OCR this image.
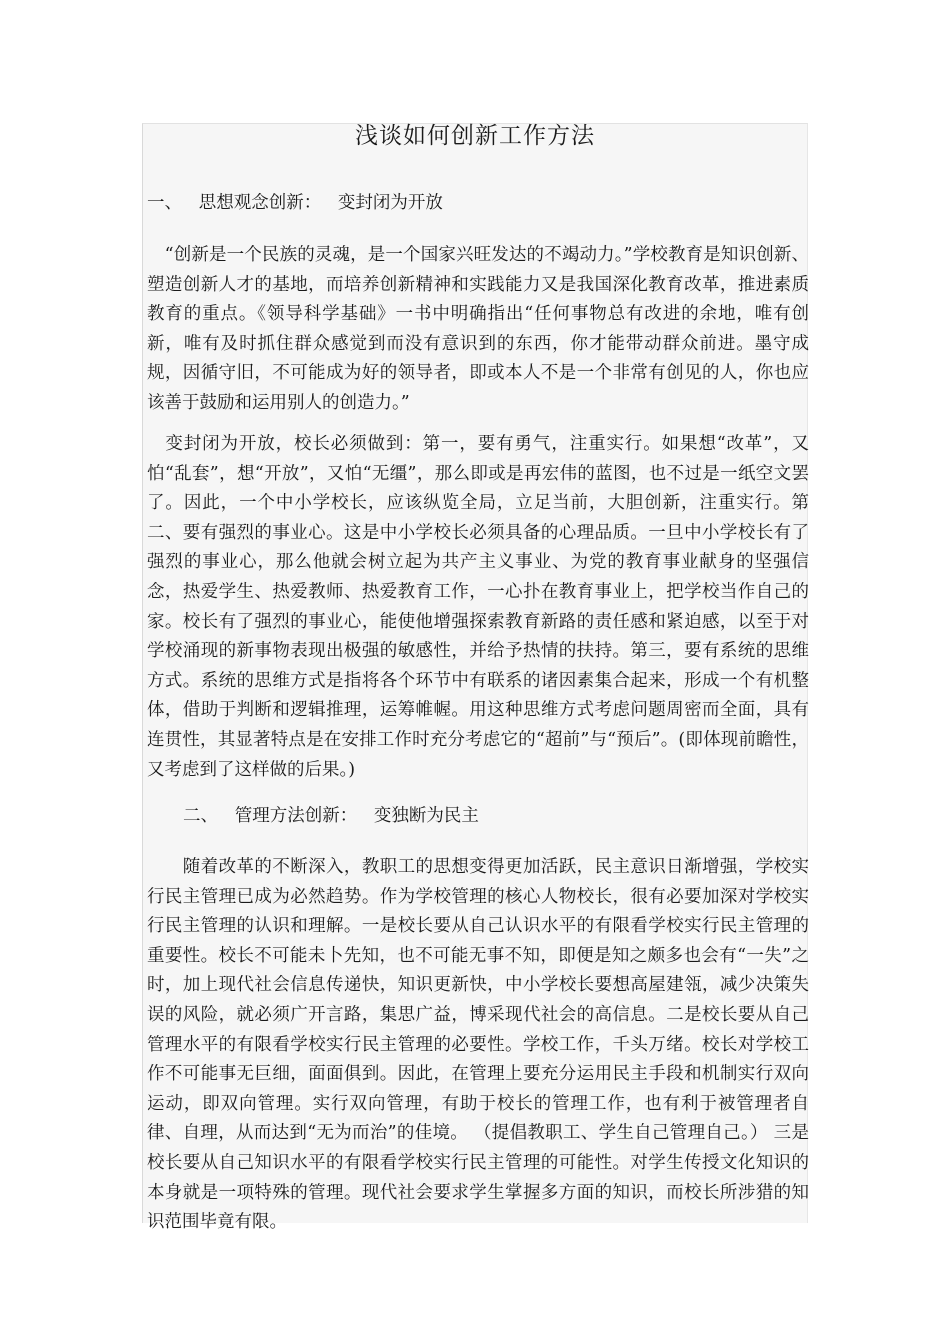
浅谈如何创新工作方法
一、   思想观念创新：   变封闭为开放

　“创新是一个民族的灵魂，是一个国家兴旺发达的不竭动力。”学校教育是知识创新、塑造创新人才的基地，而培养创新精神和实践能力又是我国深化教育改革，推进素质教育的重点。《领导科学基础》一书中明确指出“任何事物总有改进的余地，唯有创新，唯有及时抓住群众感觉到而没有意识到的东西，你才能带动群众前进。墨守成规，因循守旧，不可能成为好的领导者，即或本人不是一个非常有创见的人，你也应该善于鼓励和运用别人的创造力。”

　变封闭为开放，校长必须做到：第一，要有勇气，注重实行。如果想“改革”，又怕“乱套”，想“开放”，又怕“无缰”，那么即或是再宏伟的蓝图，也不过是一纸空文罢了。因此，一个中小学校长，应该纵览全局，立足当前，大胆创新，注重实行。第二、要有强烈的事业心。这是中小学校长必须具备的心理品质。一旦中小学校长有了强烈的事业心，那么他就会树立起为共产主义事业、为党的教育事业献身的坚强信念，热爱学生、热爱教师、热爱教育工作，一心扑在教育事业上，把学校当作自己的家。校长有了强烈的事业心，能使他增强探索教育新路的责任感和紧迫感，以至于对学校涌现的新事物表现出极强的敏感性，并给予热情的扶持。第三，要有系统的思维方式。系统的思维方式是指将各个环节中有联系的诸因素集合起来，形成一个有机整体，借助于判断和逻辑推理，运筹帷幄。用这种思维方式考虑问题周密而全面，具有连贯性，其显著特点是在安排工作时充分考虑它的“超前”与“预后”。(即体现前瞻性，又考虑到了这样做的后果。)

二、   管理方法创新：   变独断为民主

　　随着改革的不断深入，教职工的思想变得更加活跃，民主意识日渐增强，学校实行民主管理已成为必然趋势。作为学校管理的核心人物校长，很有必要加深对学校实行民主管理的认识和理解。一是校长要从自己认识水平的有限看学校实行民主管理的重要性。校长不可能未卜先知，也不可能无事不知，即便是知之颇多也会有“一失”之时，加上现代社会信息传递快，知识更新快，中小学校长要想高屋建瓴，减少决策失误的风险，就必须广开言路，集思广益，博采现代社会的高信息。二是校长要从自己管理水平的有限看学校实行民主管理的必要性。学校工作，千头万绪。校长对学校工作不可能事无巨细，面面俱到。因此，在管理上要充分运用民主手段和机制实行双向运动，即双向管理。实行双向管理，有助于校长的管理工作，也有利于被管理者自律、自理，从而达到“无为而治”的佳境。 （提倡教职工、学生自己管理自己。） 三是校长要从自己知识水平的有限看学校实行民主管理的可能性。对学生传授文化知识的本身就是一项特殊的管理。现代社会要求学生掌握多方面的知识，而校长所涉猎的知识范围毕竟有限。
